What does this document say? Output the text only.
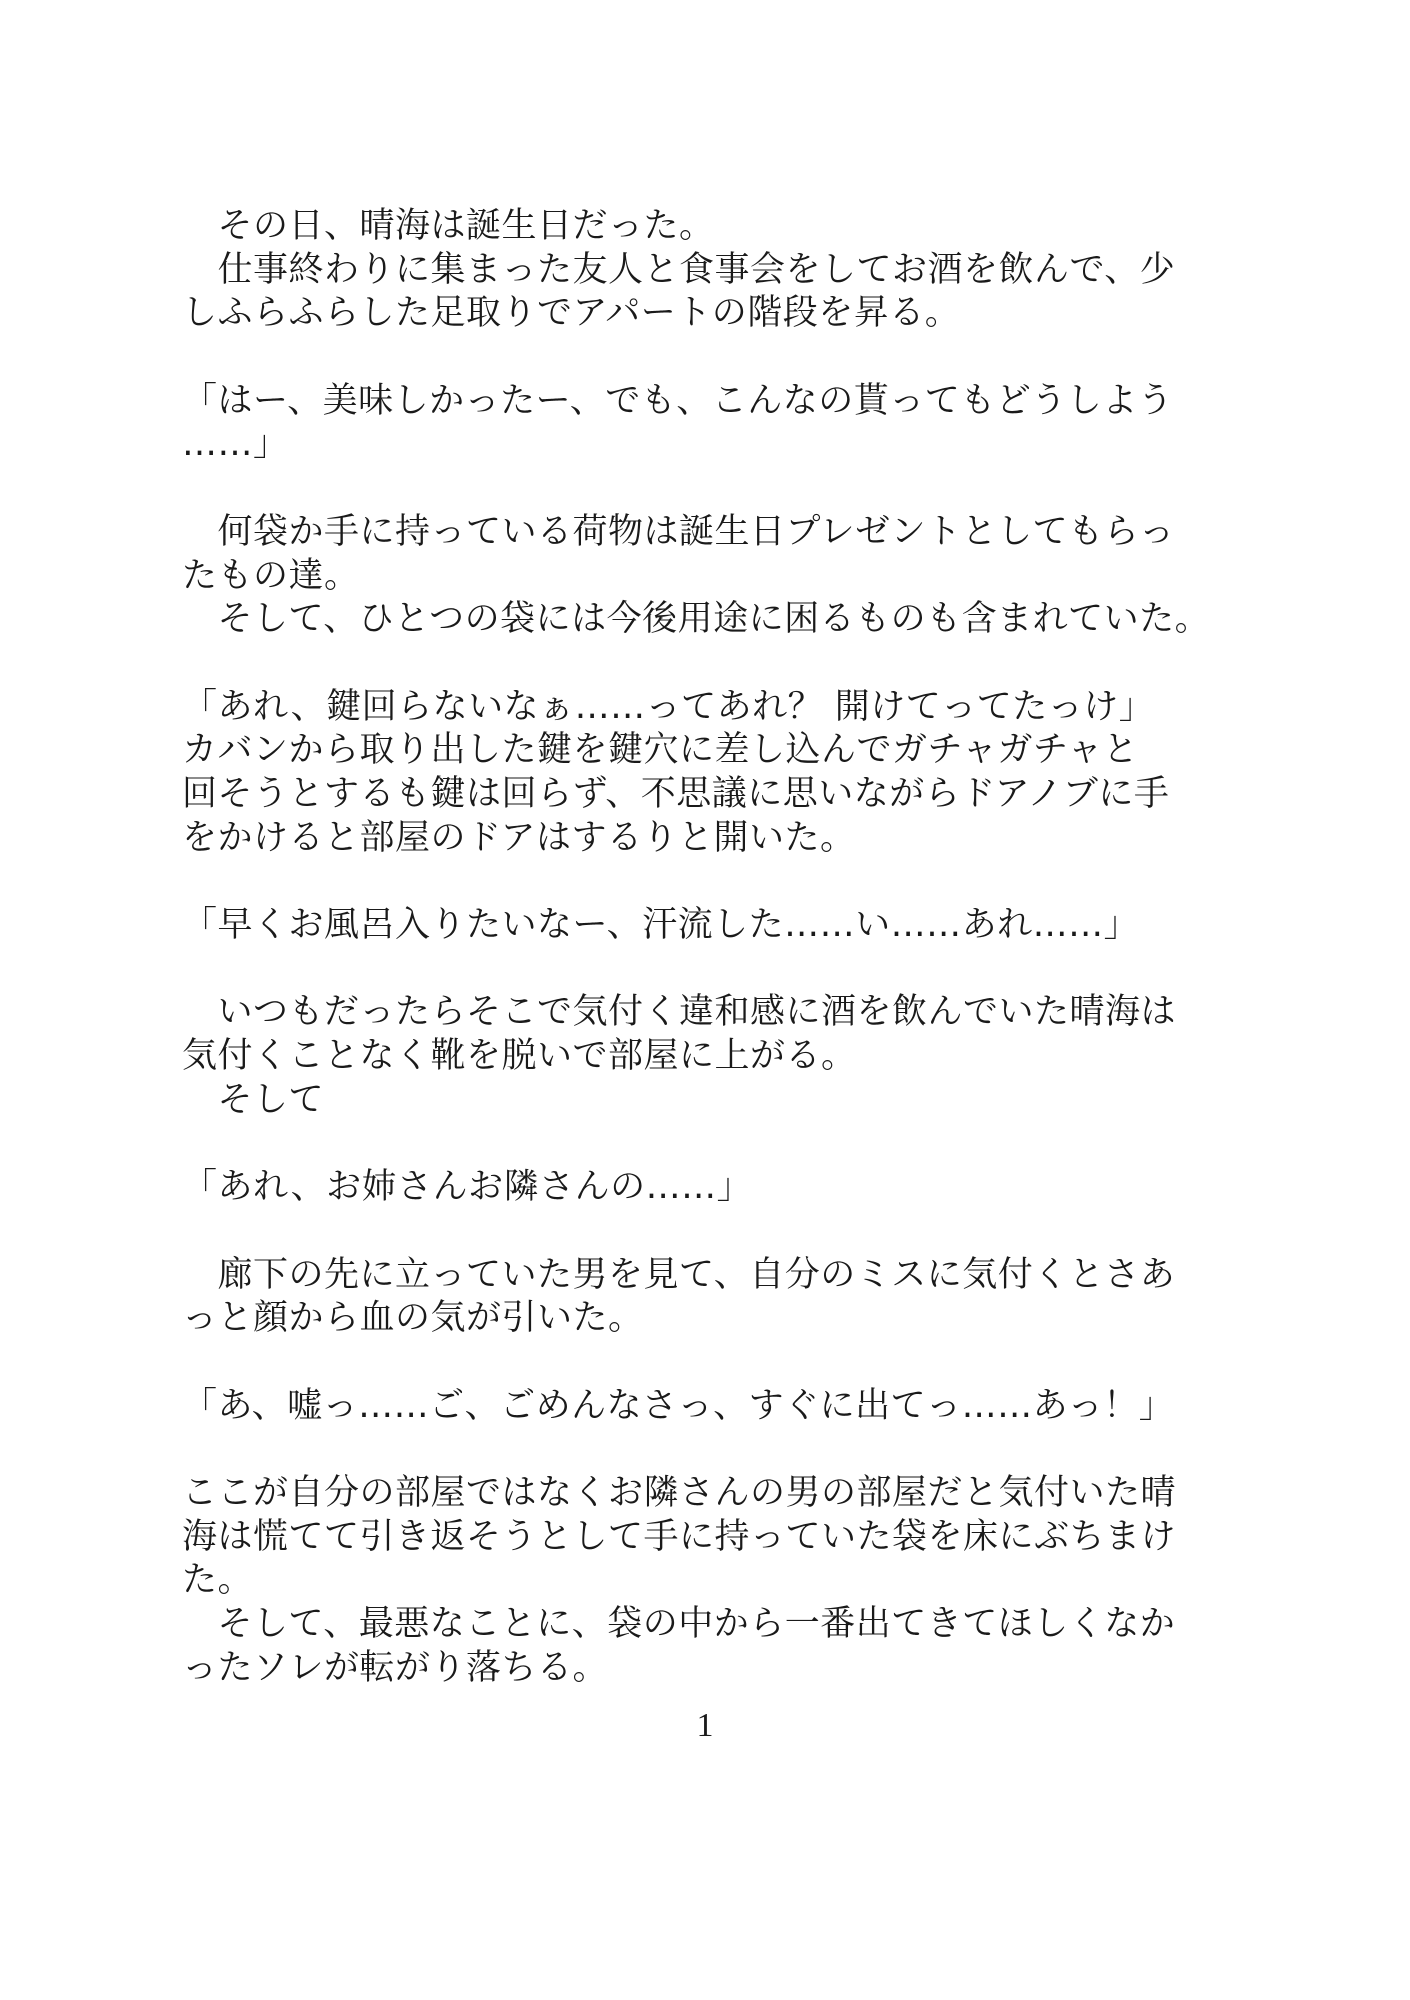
　その日、晴海は誕生日だった。
　仕事終わりに集まった友人と食事会をしてお酒を飲んで、少
しふらふらした足取りでアパートの階段を昇る。
「はー、美味しかったー、でも、こんなの貰ってもどうしよう
……」
　何袋か手に持っている荷物は誕生日プレゼントとしてもらっ
たもの達。
　そして、ひとつの袋には今後用途に困るものも含まれていた。
「あれ、鍵回らないなぁ……ってあれ？ 開けてってたっけ」
カバンから取り出した鍵を鍵穴に差し込んでガチャガチャと
回そうとするも鍵は回らず、不思議に思いながらドアノブに手
をかけると部屋のドアはするりと開いた。
「早くお風呂入りたいなー、汗流した……い……あれ……」
　いつもだったらそこで気付く違和感に酒を飲んでいた晴海は
気付くことなく靴を脱いで部屋に上がる。
　そして
「あれ、お姉さんお隣さんの……」
　廊下の先に立っていた男を見て、自分のミスに気付くとさあ
っと顔から血の気が引いた。
「あ、嘘っ……ご、ごめんなさっ、すぐに出てっ……あっ！」
ここが自分の部屋ではなくお隣さんの男の部屋だと気付いた晴
海は慌てて引き返そうとして手に持っていた袋を床にぶちまけ
た。
　そして、最悪なことに、袋の中から一番出てきてほしくなか
ったソレが転がり落ちる。
1
